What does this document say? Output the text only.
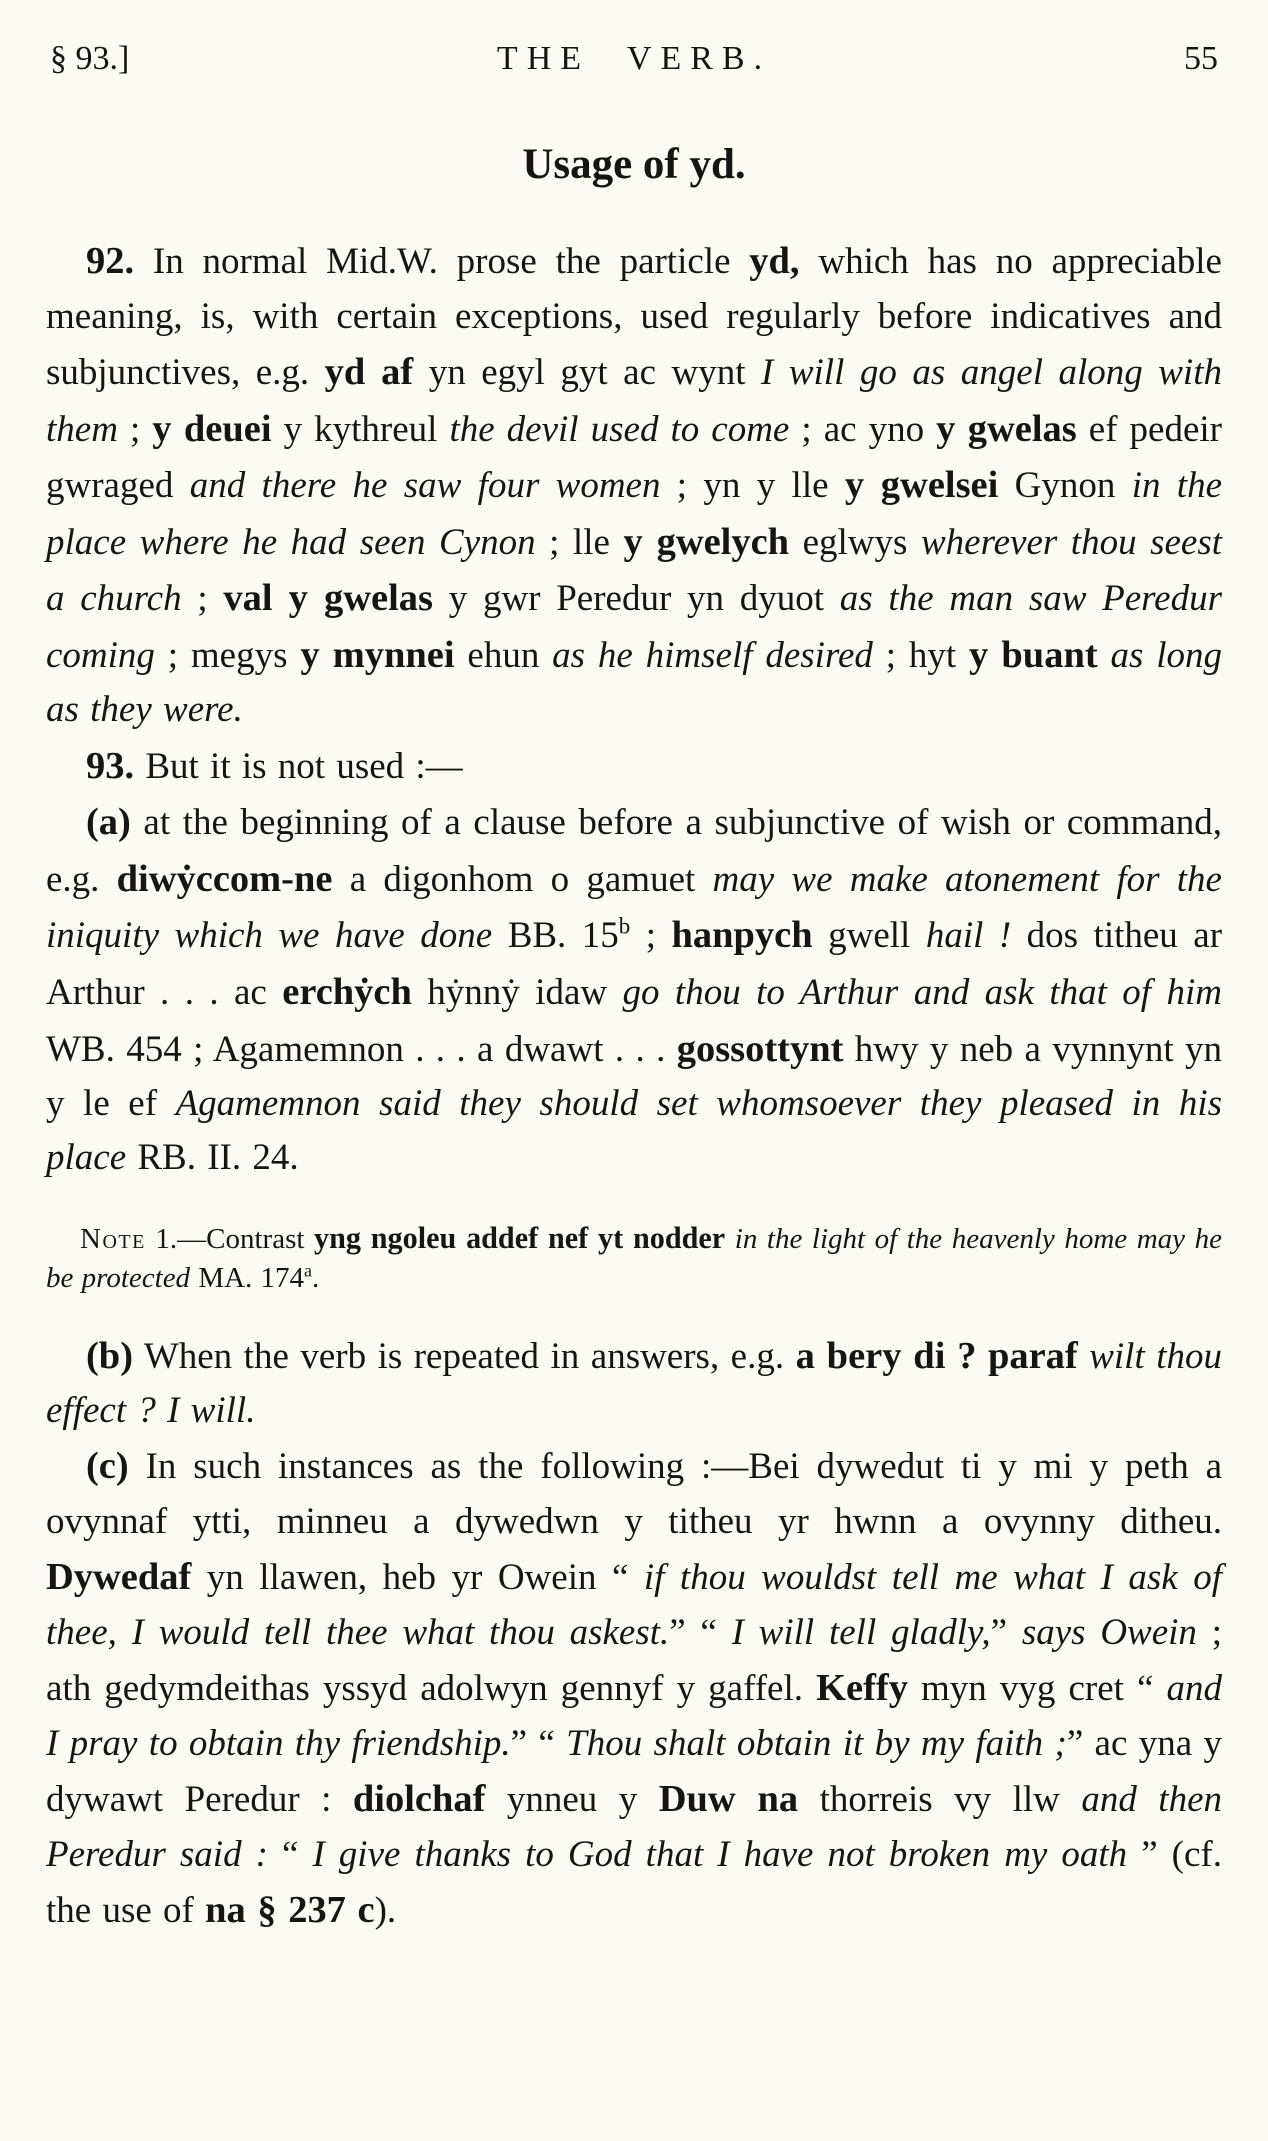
§ 93.]	THE VERB.	55
Usage of yd.

92. In normal Mid.W. prose the particle yd, which has no appreciable meaning, is, with certain exceptions, used regularly before indicatives and subjunctives, e.g. yd af yn egyl gyt ac wynt I will go as angel along with them ; y deuei y kythreul the devil used to come ; ac yno y gwelas ef pedeir gwraged and there he saw four women ; yn y lle y gwelsei Gynon in the place where he had seen Cynon ; lle y gwelych eglwys wherever thou seest a church ; val y gwelas y gwr Peredur yn dyuot as the man saw Peredur coming ; megys y mynnei ehun as he himself desired ; hyt y buant as long as they were.

93. But it is not used :—

(a) at the beginning of a clause before a subjunctive of wish or command, e.g. diwẏccom-ne a digonhom o gamuet may we make atonement for the iniquity which we have done BB. 15$^b$ ; hanpych gwell hail ! dos titheu ar Arthur . . . ac erchẏch hẏnnẏ idaw go thou to Arthur and ask that of him WB. 454 ; Agamemnon . . . a dwawt . . . gossottynt hwy y neb a vynnynt yn y le ef Agamemnon said they should set whomsoever they pleased in his place RB. II. 24.

Note 1.—Contrast yng ngoleu addef nef yt nodder in the light of the heavenly home may he be protected MA. 174$^a$.

(b) When the verb is repeated in answers, e.g. a bery di ? paraf wilt thou effect ? I will.

(c) In such instances as the following :—Bei dywedut ti y mi y peth a ovynnaf ytti, minneu a dywedwn y titheu yr hwnn a ovynny ditheu. Dywedaf yn llawen, heb yr Owein “ if thou wouldst tell me what I ask of thee, I would tell thee what thou askest.” “ I will tell gladly,” says Owein ; ath gedymdeithas yssyd adolwyn gennyf y gaffel. Keffy myn vyg cret “ and I pray to obtain thy friendship.” “ Thou shalt obtain it by my faith ;” ac yna y dywawt Peredur : diolchaf ynneu y Duw na thorreis vy llw and then Peredur said : “ I give thanks to God that I have not broken my oath ” (cf. the use of na § 237 c).
